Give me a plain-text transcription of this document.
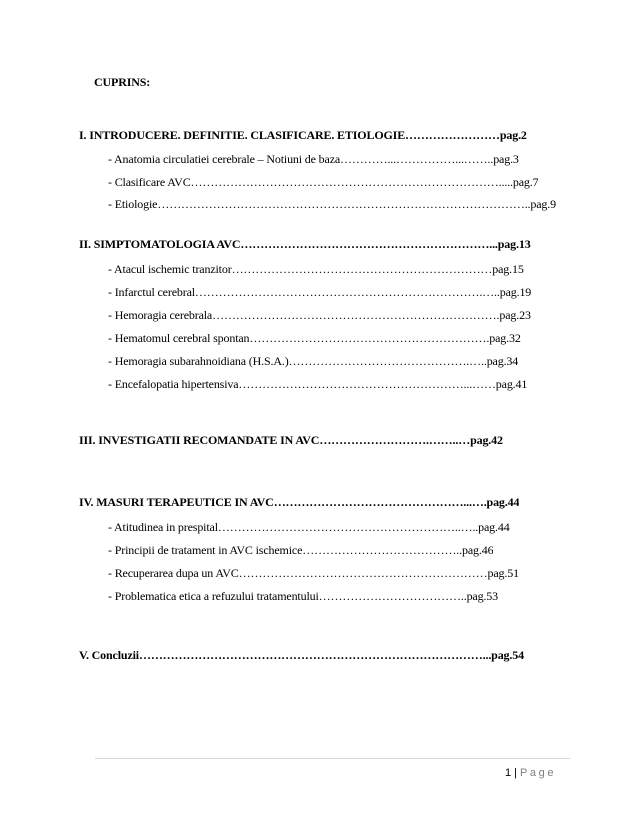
CUPRINS:
I. INTRODUCERE. DEFINITIE. CLASIFICARE. ETIOLOGIE……………………pag.2
- Anatomia circulatiei cerebrale – Notiuni de baza…………...……………...……..pag.3
- Clasificare AVC…………………………………………………………………….....pag.7
- Etiologie…………………………………………………………………………………..pag.9
II. SIMPTOMATOLOGIA AVC………………………………………………………...pag.13
- Atacul ischemic tranzitor…………………………………………………………pag.15
- Infarctul cerebral……………………………………………………………….…..pag.19
- Hemoragia cerebrala……………………………………………………………….pag.23
- Hematomul cerebral spontan…………………………………………………….pag.32
- Hemoragia subarahnoidiana (H.S.A.)……………………………………….…..pag.34
- Encefalopatia hipertensiva…………………………………………………...……pag.41
III. INVESTIGATII RECOMANDATE IN AVC……………………….……..…pag.42
IV. MASURI TERAPEUTICE IN AVC…………………………………………...….pag.44
- Atitudinea in prespital……………………………………………………..…..pag.44
- Principii de tratament in AVC ischemice…………………………………..pag.46
- Recuperarea dupa un AVC………………………………………………………pag.51
- Problematica etica a refuzului tratamentului………………………………..pag.53
V. Concluzii……………………………………………………………………………...pag.54
1 | Page
